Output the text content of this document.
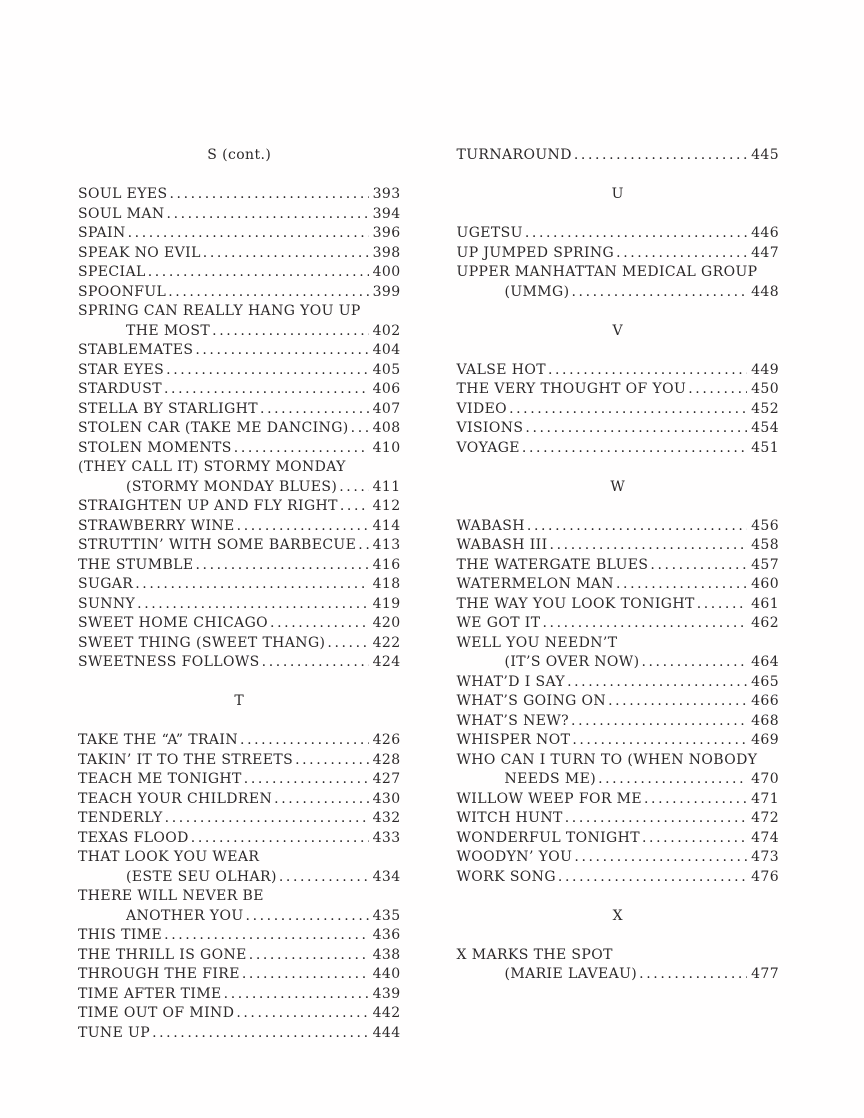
S (cont.)
SOUL EYES .....	393
SOUL MAN .....	394
SPAIN .....	396
SPEAK NO EVIL .....	398
SPECIAL .....	400
SPOONFUL .....	399
SPRING CAN REALLY HANG YOU UP
THE MOST .....	402
STABLEMATES .....	404
STAR EYES .....	405
STARDUST .....	406
STELLA BY STARLIGHT .....	407
STOLEN CAR (TAKE ME DANCING) ..... 408
STOLEN MOMENTS .....	410
(THEY CALL IT) STORMY MONDAY
(STORMY MONDAY BLUES) .....	411
STRAIGHTEN UP AND FLY RIGHT ..... 412
STRAWBERRY WINE .....	414
STRUTTIN’ WITH SOME BARBECUE ..... 413
THE STUMBLE .....	416
SUGAR .....	418
SUNNY .....	419
SWEET HOME CHICAGO .....	420
SWEET THING (SWEET THANG) .....	422
SWEETNESS FOLLOWS .....	424
T
TAKE THE “A” TRAIN .....	426
TAKIN’ IT TO THE STREETS .....	428
TEACH ME TONIGHT .....	427
TEACH YOUR CHILDREN .....	430
TENDERLY .....	432
TEXAS FLOOD .....	433
THAT LOOK YOU WEAR
(ESTE SEU OLHAR) .....	434
THERE WILL NEVER BE
ANOTHER YOU .....	435
THIS TIME .....	436
THE THRILL IS GONE .....	438
THROUGH THE FIRE .....	440
TIME AFTER TIME .....	439
TIME OUT OF MIND .....	442
TUNE UP .....	444
TURNAROUND .....	445
U
UGETSU .....	446
UP JUMPED SPRING .....	447
UPPER MANHATTAN MEDICAL GROUP
(UMMG) .....	448
V
VALSE HOT .....	449
THE VERY THOUGHT OF YOU .....	450
VIDEO .....	452
VISIONS .....	454
VOYAGE .....	451
W
WABASH .....	456
WABASH III .....	458
THE WATERGATE BLUES .....	457
WATERMELON MAN .....	460
THE WAY YOU LOOK TONIGHT .....	461
WE GOT IT .....	462
WELL YOU NEEDN’T
(IT’S OVER NOW) .....	464
WHAT’D I SAY .....	465
WHAT’S GOING ON .....	466
WHAT’S NEW? .....	468
WHISPER NOT .....	469
WHO CAN I TURN TO (WHEN NOBODY
NEEDS ME) .....	470
WILLOW WEEP FOR ME .....	471
WITCH HUNT .....	472
WONDERFUL TONIGHT .....	474
WOODYN’ YOU .....	473
WORK SONG .....	476
X
X MARKS THE SPOT
(MARIE LAVEAU) .....	477
